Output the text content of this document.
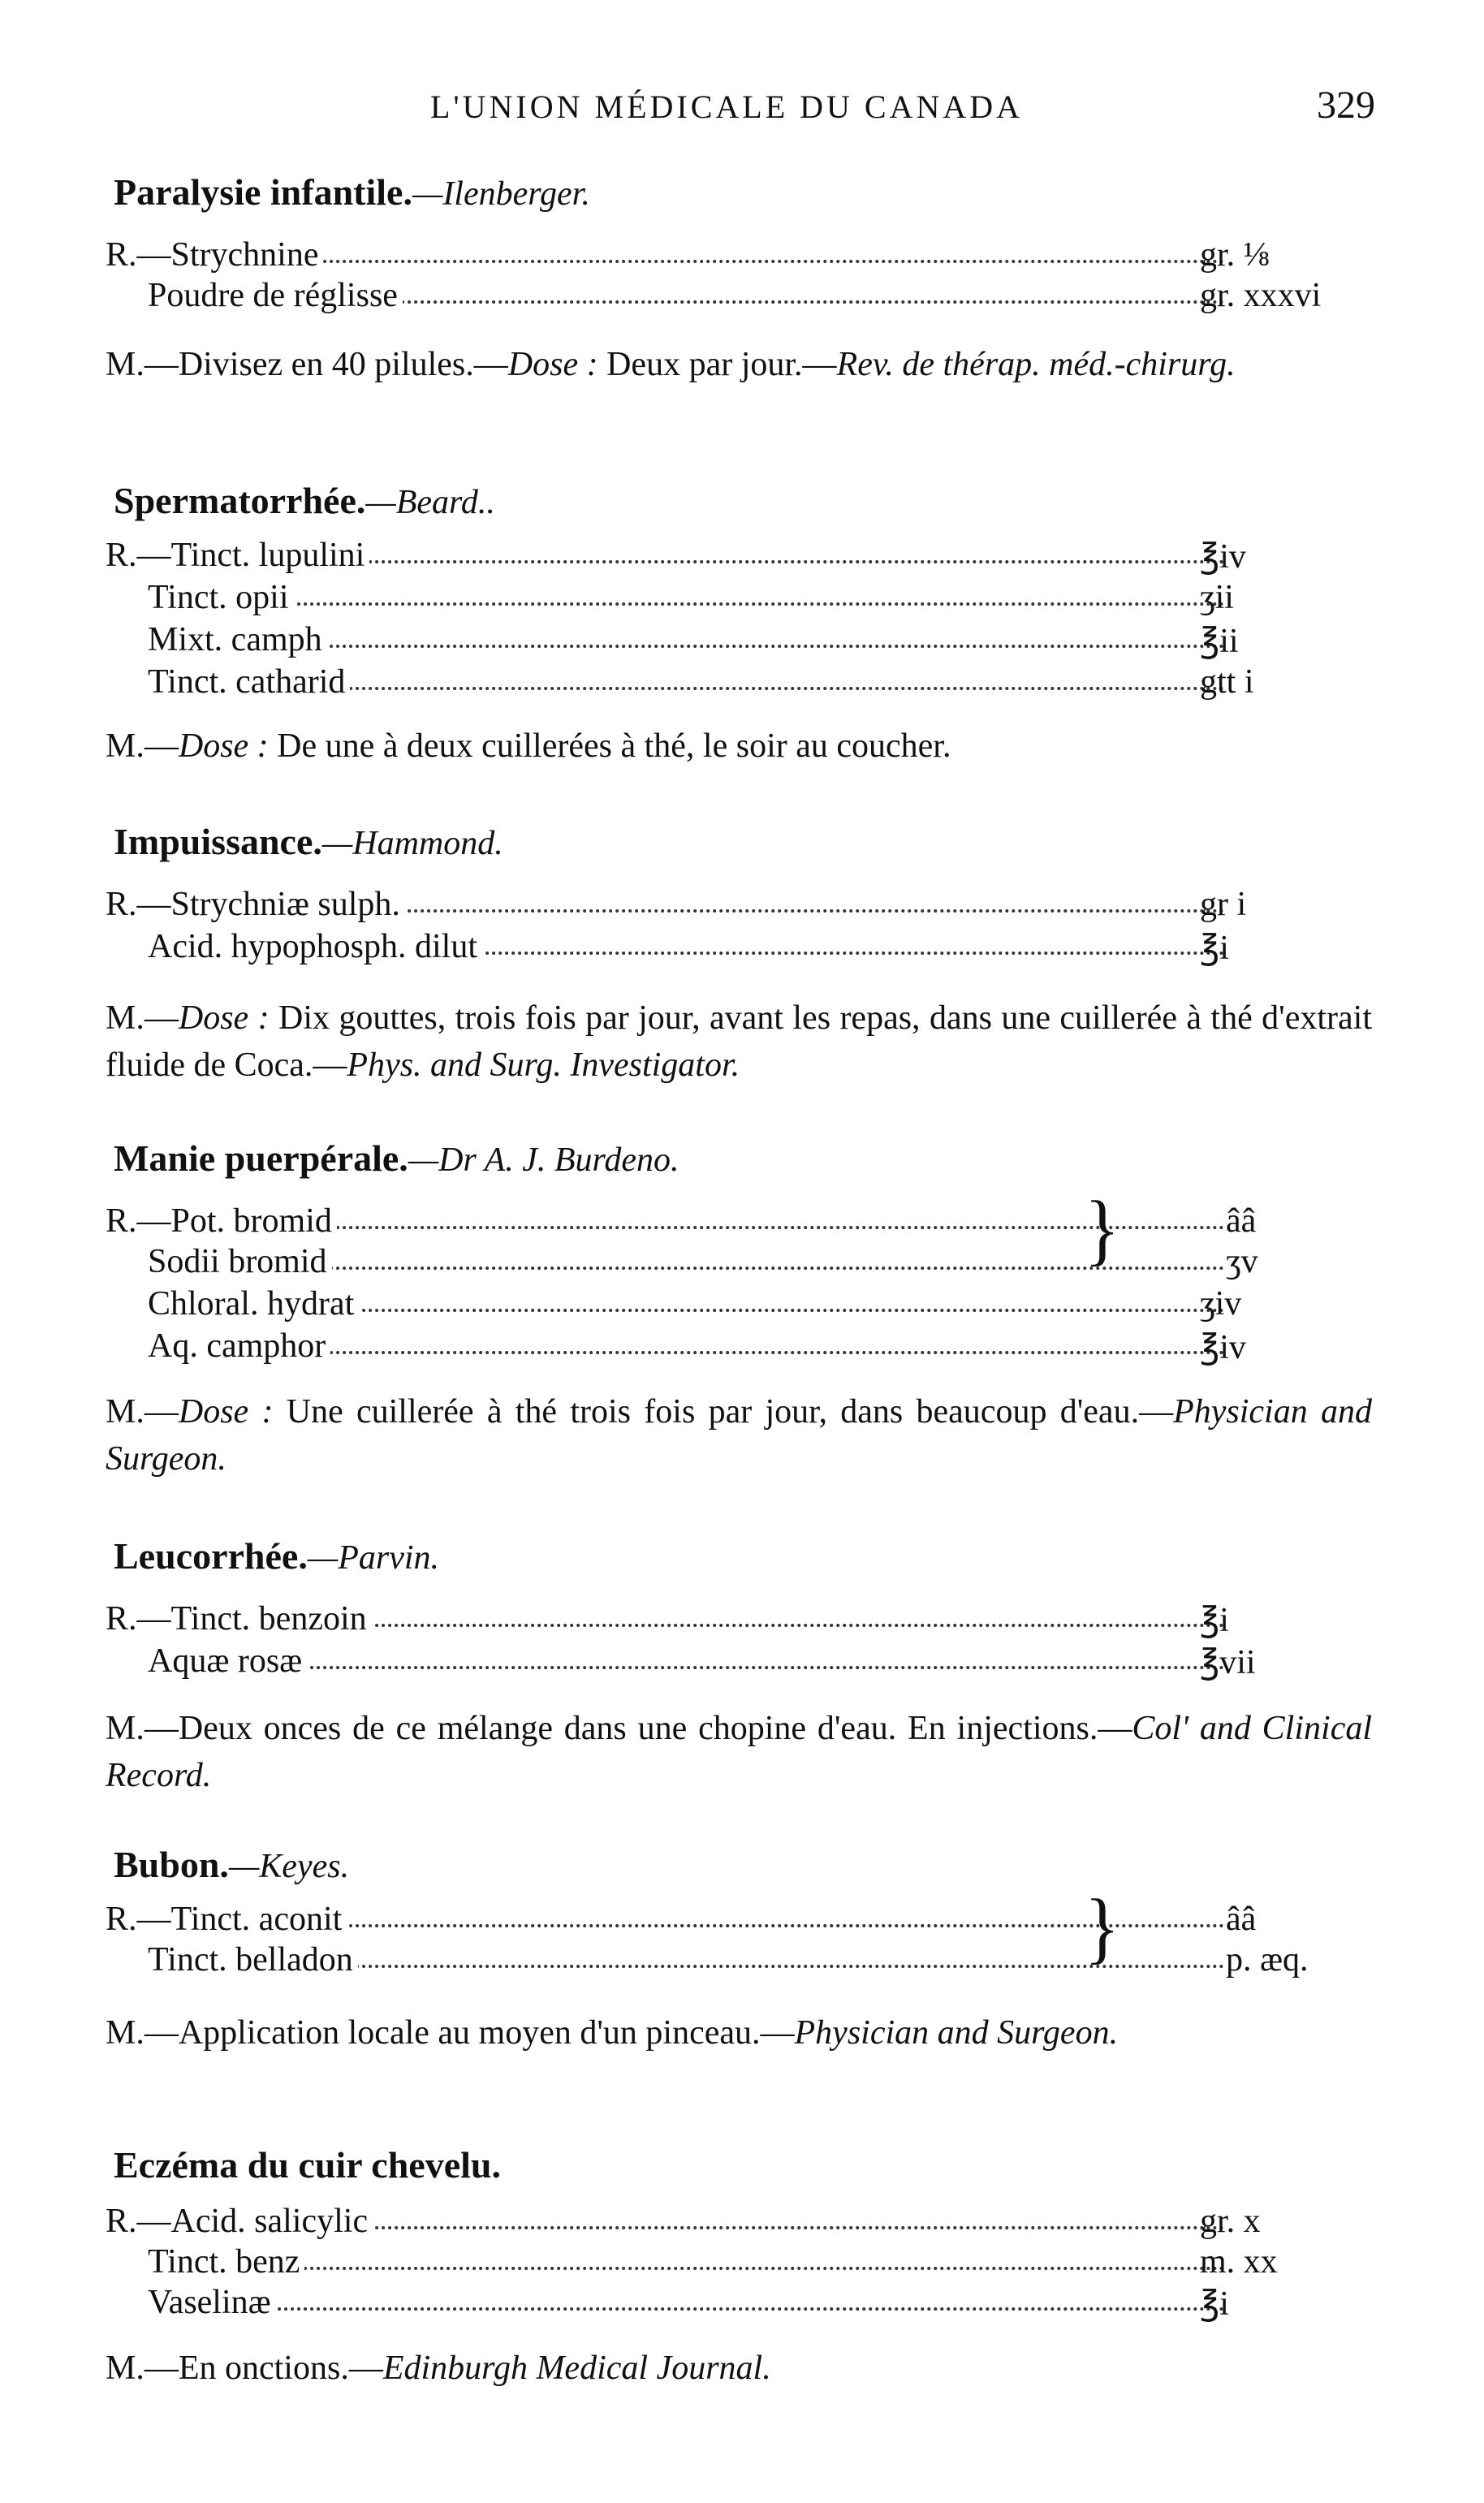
L'UNION MÉDICALE DU CANADA	329
Paralysie infantile.—Ilenberger.
R.—Strychnine	gr. ⅛
Poudre de réglisse	gr. xxxvi
M.—Divisez en 40 pilules.—Dose : Deux par jour.—Rev. de thérap. méd.-chirurg.
Spermatorrhée.—Beard..
R.—Tinct. lupulini	℥iv
Tinct. opii	ʒii
Mixt. camph	℥ii
Tinct. catharid	gtt i
M.—Dose : De une à deux cuillerées à thé, le soir au coucher.
Impuissance.—Hammond.
R.—Strychniæ sulph.	gr i
Acid. hypophosph. dilut	℥i
M.—Dose : Dix gouttes, trois fois par jour, avant les repas, dans une cuillerée à thé d'extrait fluide de Coca.—Phys. and Surg. Investigator.
Manie puerpérale.—Dr A. J. Burdeno.
R.—Pot. bromid	ââ
Sodii bromid	ʒv
}
Chloral. hydrat	ʒiv
Aq. camphor	℥iv
M.—Dose : Une cuillerée à thé trois fois par jour, dans beaucoup d'eau.—Physician and Surgeon.
Leucorrhée.—Parvin.
R.—Tinct. benzoin	℥i
Aquæ rosæ	℥vii
M.—Deux onces de ce mélange dans une chopine d'eau. En injections.—Col' and Clinical Record.
Bubon.—Keyes.
R.—Tinct. aconit	ââ
Tinct. belladon	p. æq.
}
M.—Application locale au moyen d'un pinceau.—Physician and Surgeon.
Eczéma du cuir chevelu.
R.—Acid. salicylic	gr. x
Tinct. benz	m. xx
Vaselinæ	℥i
M.—En onctions.—Edinburgh Medical Journal.
